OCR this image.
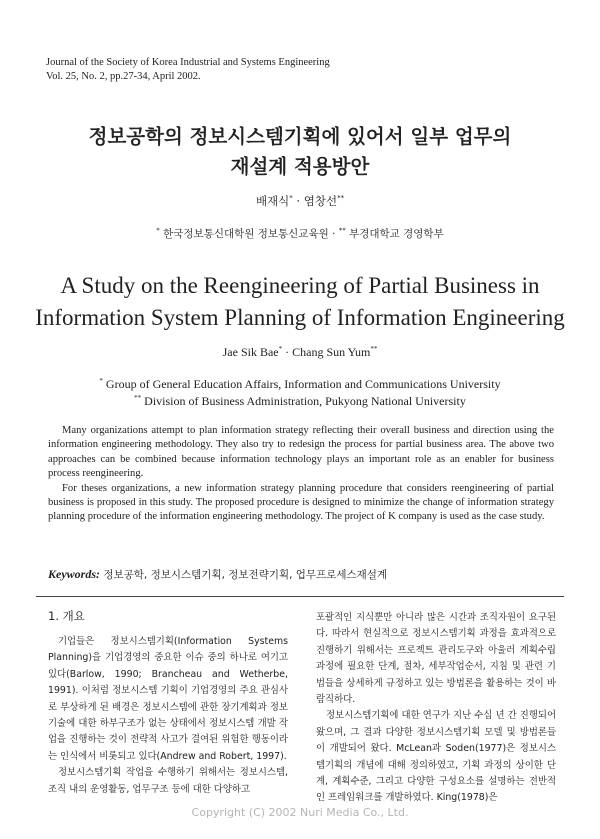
Journal of the Society of Korea Industrial and Systems Engineering
Vol. 25, No. 2, pp.27-34, April 2002.
정보공학의 정보시스템기획에 있어서 일부 업무의
재설계 적용방안
배재식* · 염창선**
* 한국정보통신대학원 정보통신교육원 · ** 부경대학교 경영학부
A Study on the Reengineering of Partial Business in
Information System Planning of Information Engineering
Jae Sik Bae* · Chang Sun Yum**
* Group of General Education Affairs, Information and Communications University
** Division of Business Administration, Pukyong National University

Many organizations attempt to plan information strategy reflecting their overall business and direction using the information engineering methodology. They also try to redesign the process for partial business area. The above two approaches can be combined because information technology plays an important role as an enabler for business process reengineering.

For theses organizations, a new information strategy planning procedure that considers reengineering of partial business is proposed in this study. The proposed procedure is designed to minimize the change of information strategy planning procedure of the information engineering methodology. The project of K company is used as the case study.

Keywords: 정보공학, 정보시스템기획, 정보전략기획, 업무프로세스재설계
1. 개요

기업들은 정보시스템기획(Information Systems Planning)을 기업경영의 중요한 이슈 중의 하나로 여기고 있다(Barlow, 1990; Brancheau and Wetherbe, 1991). 이처럼 정보시스템 기획이 기업경영의 주요 관심사로 부상하게 된 배경은 정보시스템에 관한 장기계획과 정보기술에 대한 하부구조가 없는 상태에서 정보시스템 개발 작업을 진행하는 것이 전략적 사고가 결여된 위험한 행동이라는 인식에서 비롯되고 있다(Andrew and Robert, 1997).

정보시스템기획 작업을 수행하기 위해서는 정보시스템, 조직 내의 운영활동, 업무구조 등에 대한 다양하고

포괄적인 지식뿐만 아니라 많은 시간과 조직자원이 요구된다. 따라서 현실적으로 정보시스템기획 과정을 효과적으로 진행하기 위해서는 프로젝트 관리도구와 아울러 계획수립 과정에 필요한 단계, 절차, 세부작업순서, 지침 및 관련 기법들을 상세하게 규정하고 있는 방법론을 활용하는 것이 바람직하다.

정보시스템기획에 대한 연구가 지난 수십 년 간 진행되어 왔으며, 그 결과 다양한 정보시스템기획 모델 및 방법론들이 개발되어 왔다. McLean과 Soden(1977)은 정보시스템기획의 개념에 대해 정의하였고, 기획 과정의 상이한 단계, 계획수준, 그리고 다양한 구성요소를 설명하는 전반적인 프레임워크를 개발하였다. King(1978)은

Copyright (C) 2002 Nuri Media Co., Ltd.
